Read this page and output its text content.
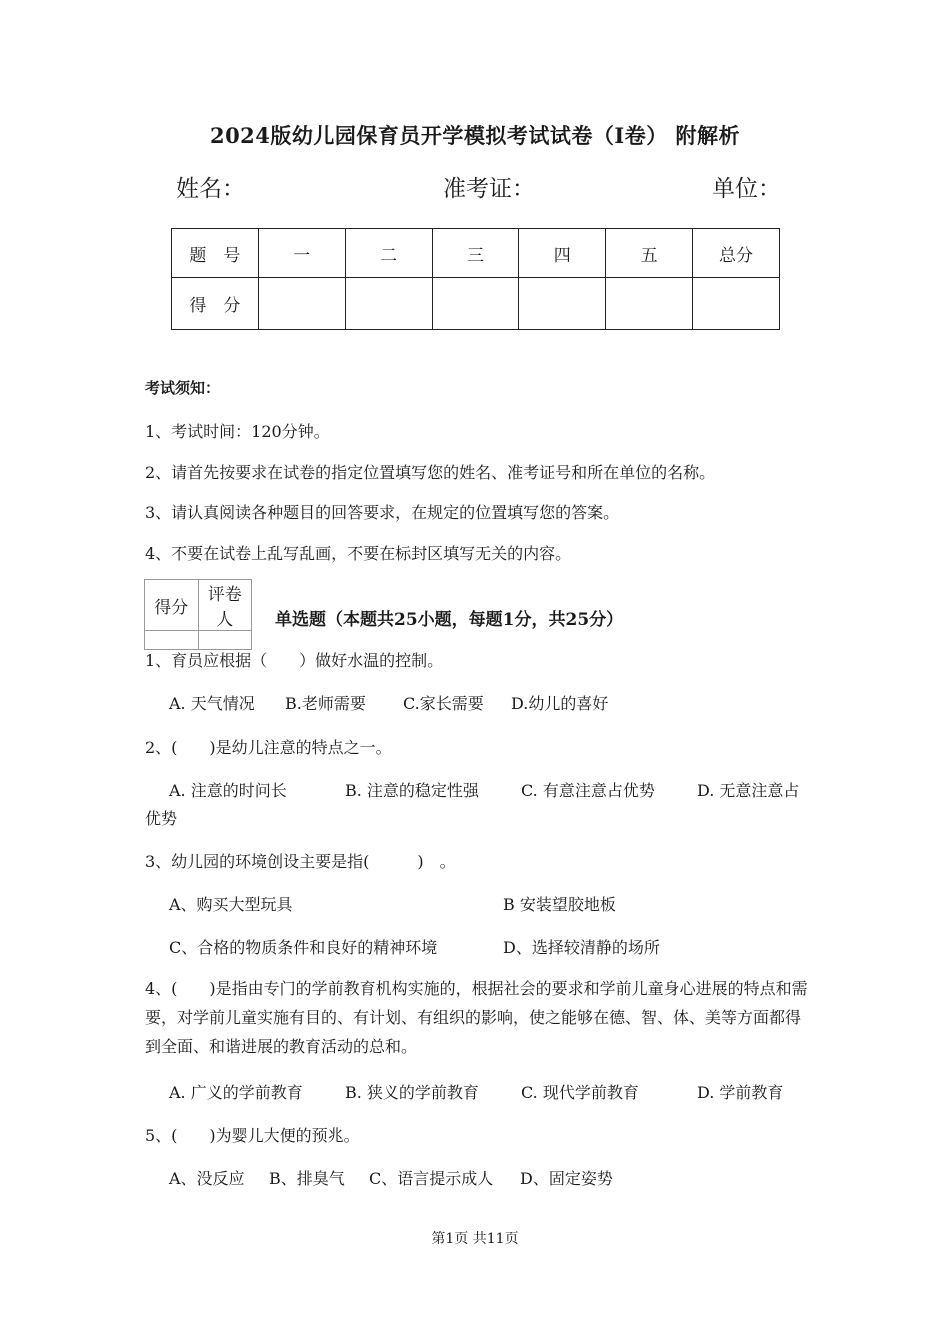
2024版幼儿园保育员开学模拟考试试卷（I卷） 附解析
姓名：	准考证：	单位：
题　号	一	二	三	四	五	总分
得　分						
考试须知：
1、考试时间：120分钟。
2、请首先按要求在试卷的指定位置填写您的姓名、准考证号和所在单位的名称。
3、请认真阅读各种题目的回答要求，在规定的位置填写您的答案。
4、不要在试卷上乱写乱画，不要在标封区填写无关的内容。
得分	评卷人
	单选题（本题共25小题，每题1分，共25分）
1、育员应根据（　　）做好水温的控制。
A. 天气情况 B.老师需要 C.家长需要 D.幼儿的喜好
2、(　　)是幼儿注意的特点之一。
A. 注意的时问长	B. 注意的稳定性强	C. 有意注意占优势	D. 无意注意占
优势
3、幼儿园的环境创设主要是指(　　　)　。
A、购买大型玩具	B 安装望胶地板
C、合格的物质条件和良好的精神环境	D、选择较清静的场所
4、(　　)是指由专门的学前教育机构实施的，根据社会的要求和学前儿童身心进展的特点和需要，对学前儿童实施有目的、有计划、有组织的影响，使之能够在德、智、体、美等方面都得到全面、和谐进展的教育活动的总和。
A. 广义的学前教育	B. 狭义的学前教育	C. 现代学前教育	D. 学前教育
5、(　　)为婴儿大便的预兆。
A、没反应 B、排臭气 C、语言提示成人 D、固定姿势
第1页 共11页
